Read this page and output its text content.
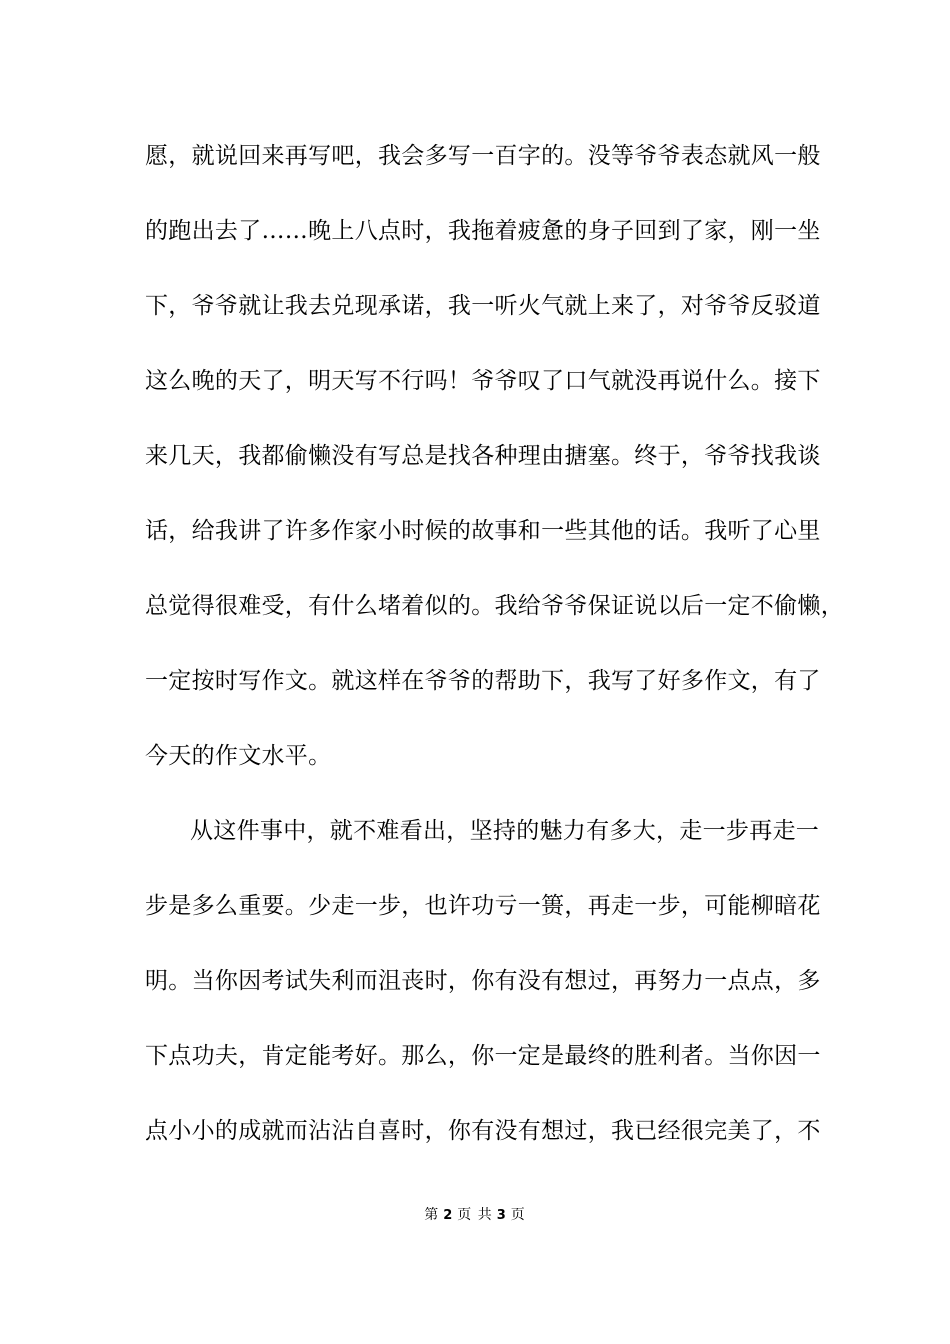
愿，就说回来再写吧，我会多写一百字的。没等爷爷表态就风一般
的跑出去了……晚上八点时，我拖着疲惫的身子回到了家，刚一坐
下，爷爷就让我去兑现承诺，我一听火气就上来了，对爷爷反驳道
这么晚的天了，明天写不行吗！爷爷叹了口气就没再说什么。接下
来几天，我都偷懒没有写总是找各种理由搪塞。终于，爷爷找我谈
话，给我讲了许多作家小时候的故事和一些其他的话。我听了心里
总觉得很难受，有什么堵着似的。我给爷爷保证说以后一定不偷懒，
一定按时写作文。就这样在爷爷的帮助下，我写了好多作文，有了
今天的作文水平。
从这件事中，就不难看出，坚持的魅力有多大，走一步再走一
步是多么重要。少走一步，也许功亏一篑，再走一步，可能柳暗花
明。当你因考试失利而沮丧时，你有没有想过，再努力一点点，多
下点功夫，肯定能考好。那么，你一定是最终的胜利者。当你因一
点小小的成就而沾沾自喜时，你有没有想过，我已经很完美了，不
第 2 页 共 3 页
